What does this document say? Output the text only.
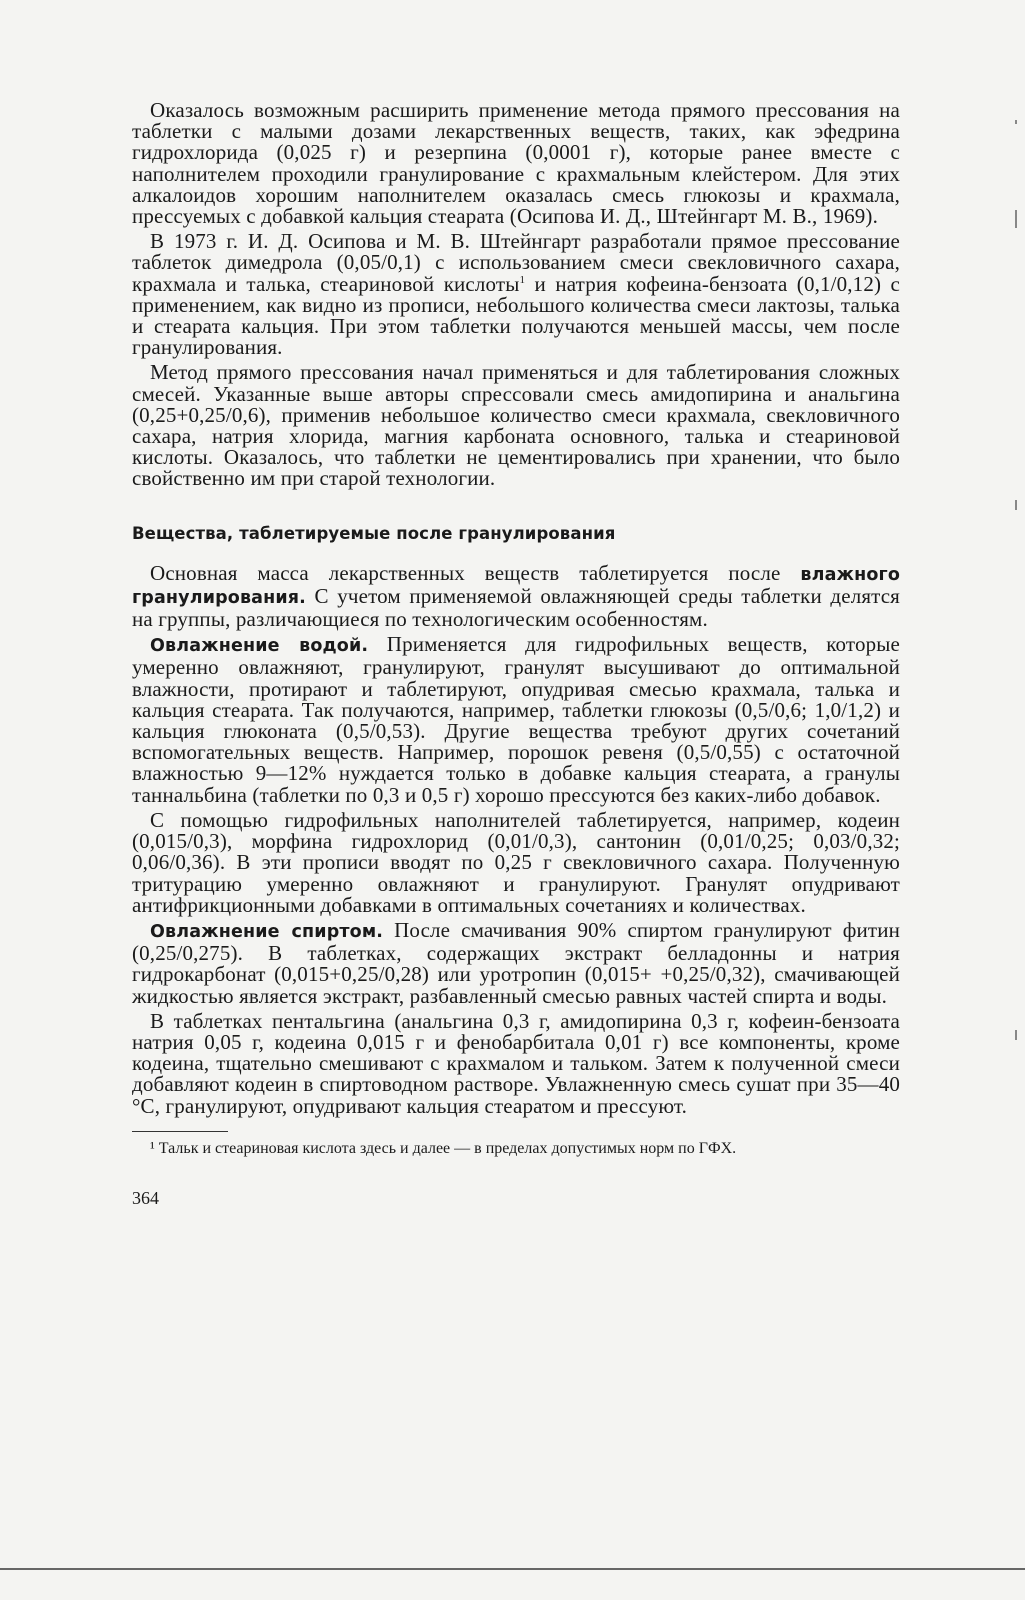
Оказалось возможным расширить применение метода прямого прессования на таблетки с малыми дозами лекарственных веществ, таких, как эфедрина гидрохлорида (0,025 г) и резерпина (0,0001 г), которые ранее вместе с наполнителем проходили гранулирование с крахмальным клейстером. Для этих алкалоидов хорошим наполнителем оказалась смесь глюкозы и крахмала, прессуемых с добавкой кальция стеарата (Осипова И. Д., Штейнгарт М. В., 1969).

В 1973 г. И. Д. Осипова и М. В. Штейнгарт разработали прямое прессование таблеток димедрола (0,05/0,1) с использованием смеси свекловичного сахара, крахмала и талька, стеариновой кислоты$^1$ и натрия кофеина-бензоата (0,1/0,12) с применением, как видно из прописи, небольшого количества смеси лактозы, талька и стеарата кальция. При этом таблетки получаются меньшей массы, чем после гранулирования.

Метод прямого прессования начал применяться и для таблетирования сложных смесей. Указанные выше авторы спрессовали смесь амидопирина и анальгина (0,25+0,25/0,6), применив небольшое количество смеси крахмала, свекловичного сахара, натрия хлорида, магния карбоната основного, талька и стеариновой кислоты. Оказалось, что таблетки не цементировались при хранении, что было свойственно им при старой технологии.

Вещества, таблетируемые после гранулирования

Основная масса лекарственных веществ таблетируется после влажного гранулирования. С учетом применяемой овлажняющей среды таблетки делятся на группы, различающиеся по технологическим особенностям.

Овлажнение водой. Применяется для гидрофильных веществ, которые умеренно овлажняют, гранулируют, гранулят высушивают до оптимальной влажности, протирают и таблетируют, опудривая смесью крахмала, талька и кальция стеарата. Так получаются, например, таблетки глюкозы (0,5/0,6; 1,0/1,2) и кальция глюконата (0,5/0,53). Другие вещества требуют других сочетаний вспомогательных веществ. Например, порошок ревеня (0,5/0,55) с остаточной влажностью 9—12% нуждается только в добавке кальция стеарата, а гранулы таннальбина (таблетки по 0,3 и 0,5 г) хорошо прессуются без каких-либо добавок.

С помощью гидрофильных наполнителей таблетируется, например, кодеин (0,015/0,3), морфина гидрохлорид (0,01/0,3), сантонин (0,01/0,25; 0,03/0,32; 0,06/0,36). В эти прописи вводят по 0,25 г свекловичного сахара. Полученную тритурацию умеренно овлажняют и гранулируют. Гранулят опудривают антифрикционными добавками в оптимальных сочетаниях и количествах.

Овлажнение спиртом. После смачивания 90% спиртом гранулируют фитин (0,25/0,275). В таблетках, содержащих экстракт белладонны и натрия гидрокарбонат (0,015+0,25/0,28) или уротропин (0,015+ +0,25/0,32), смачивающей жидкостью является экстракт, разбавленный смесью равных частей спирта и воды.

В таблетках пентальгина (анальгина 0,3 г, амидопирина 0,3 г, кофеин-бензоата натрия 0,05 г, кодеина 0,015 г и фенобарбитала 0,01 г) все компоненты, кроме кодеина, тщательно смешивают с крахмалом и тальком. Затем к полученной смеси добавляют кодеин в спиртоводном растворе. Увлажненную смесь сушат при 35—40 °С, гранулируют, опудривают кальция стеаратом и прессуют.

¹ Тальк и стеариновая кислота здесь и далее — в пределах допустимых норм по ГФХ.

364
